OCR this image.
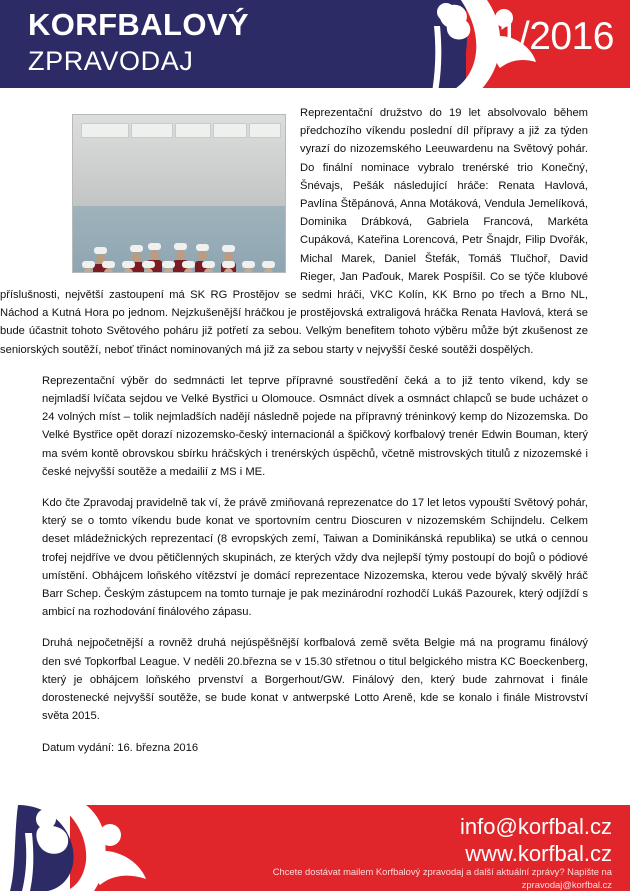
KORFBALOVÝ
ZPRAVODAJ
11/2016

Reprezentační družstvo do 19 let absolvovalo během předchozího víkendu poslední díl přípravy a již za týden vyrazí do nizozemského Leeuwardenu na Světový pohár. Do finální nominace vybralo trenérské trio Konečný, Šnévajs, Pešák následující hráče: Renata Havlová, Pavlína Štěpánová, Anna Motáková, Vendula Jemelíková, Dominika Drábková, Gabriela Francová, Markéta Cupáková, Kateřina Lorencová, Petr Šnajdr, Filip Dvořák, Michal Marek, Daniel Štefák, Tomáš Tlučhoř, David Rieger, Jan Paďouk, Marek Pospíšil. Co se týče klubové příslušnosti, největší zastoupení má SK RG Prostějov se sedmi hráči, VKC Kolín, KK Brno po třech a Brno NL, Náchod a Kutná Hora po jednom. Nejzkušenější hráčkou je prostějovská extraligová hráčka Renata Havlová, která se bude účastnit tohoto Světového poháru již potřetí za sebou. Velkým benefitem tohoto výběru může být zkušenost ze seniorských soutěží, neboť třináct nominovaných má již za sebou starty v nejvyšší české soutěži dospělých.

Reprezentační výběr do sedmnácti let teprve přípravné soustředění čeká a to již tento víkend, kdy se nejmladší lvíčata sejdou ve Velké Bystřici u Olomouce. Osmnáct dívek a osmnáct chlapců se bude ucházet o 24 volných míst – tolik nejmladších nadějí následně pojede na přípravný tréninkový kemp do Nizozemska. Do Velké Bystřice opět dorazí nizozemsko-český internacionál a špičkový korfbalový trenér Edwin Bouman, který ma svém kontě obrovskou sbírku hráčských i trenérských úspěchů, včetně mistrovských titulů z nizozemské i české nejvyšší soutěže a medailií z MS i ME.

Kdo čte Zpravodaj pravidelně tak ví, že právě zmiňovaná reprezenatce do 17 let letos vypouští Světový pohár, který se o tomto víkendu bude konat ve sportovním centru Dioscuren v nizozemském Schijndelu. Celkem deset mládežnických reprezentací (8 evropských zemí, Taiwan a Dominikánská republika) se utká o cennou trofej nejdříve ve dvou pětičlenných skupinách, ze kterých vždy dva nejlepší týmy postoupí do bojů o pódiové umístění. Obhájcem loňského vítězství je domácí reprezentace Nizozemska, kterou vede bývalý skvělý hráč Barr Schep. Českým zástupcem na tomto turnaje je pak mezinárodní rozhodčí Lukáš Pazourek, který odjíždí s ambicí na rozhodování finálového zápasu.

Druhá nejpočetnější a rovněž druhá nejúspěšnější korfbalová země světa Belgie má na programu finálový den své Topkorfbal League. V neděli 20.března se v 15.30 střetnou o titul belgického mistra KC Boeckenberg, který je obhájcem loňského prvenství a Borgerhout/GW. Finálový den, který bude zahrnovat i finále dorostenecké nejvyšší soutěže, se bude konat v antwerpské Lotto Areně, kde se konalo i finále Mistrovství světa 2015.

Datum vydání: 16. března 2016
info@korfbal.cz
www.korfbal.cz
Chcete dostávat mailem Korfbalový zpravodaj a další aktuální zprávy? Napište na
zpravodaj@korfbal.cz
